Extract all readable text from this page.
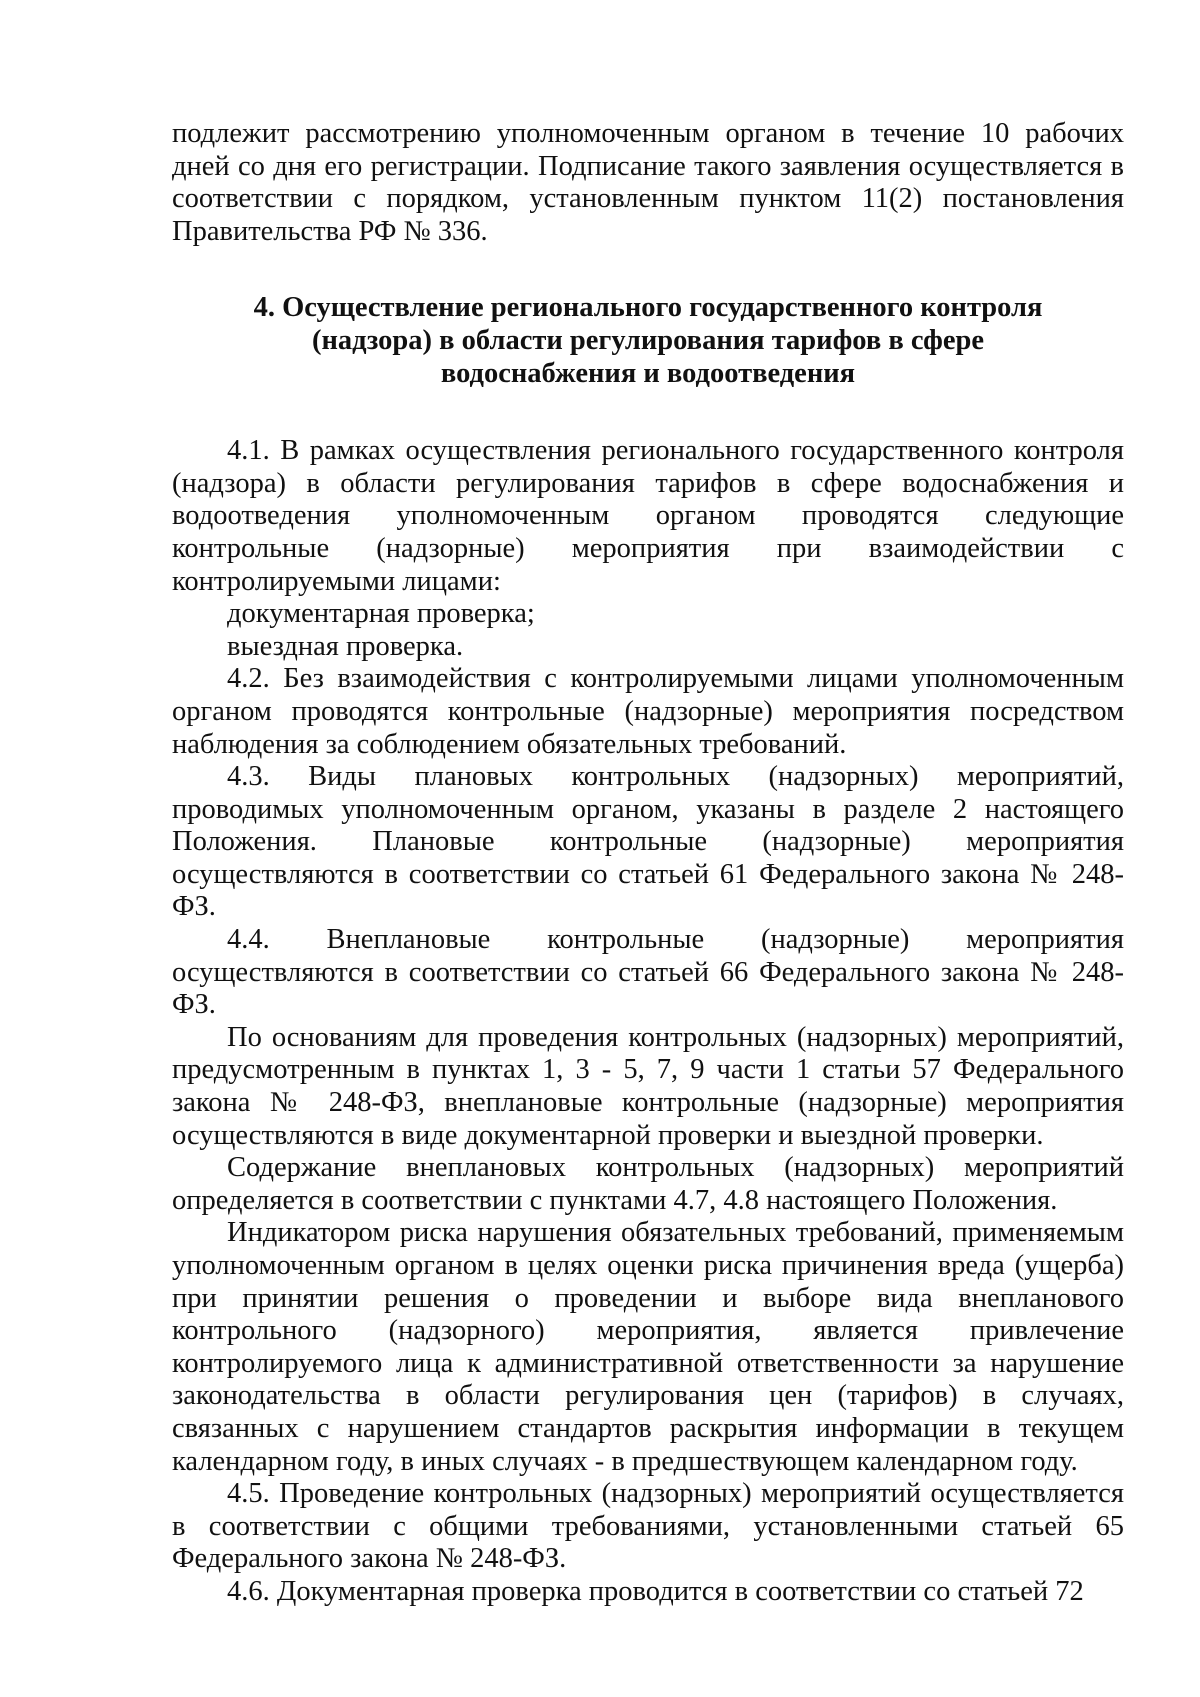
подлежит рассмотрению уполномоченным органом в течение 10 рабочих дней со дня его регистрации. Подписание такого заявления осуществляется в соответствии с порядком, установленным пунктом 11(2) постановления Правительства РФ № 336.

4. Осуществление регионального государственного контроля

(надзора) в области регулирования тарифов в сфере

водоснабжения и водоотведения

4.1. В рамках осуществления регионального государственного контроля (надзора) в области регулирования тарифов в сфере водоснабжения и водоотведения уполномоченным органом проводятся следующие контрольные (надзорные) мероприятия при взаимодействии с контролируемыми лицами:

документарная проверка;

выездная проверка.

4.2. Без взаимодействия с контролируемыми лицами уполномоченным органом проводятся контрольные (надзорные) мероприятия посредством наблюдения за соблюдением обязательных требований.

4.3. Виды плановых контрольных (надзорных) мероприятий, проводимых уполномоченным органом, указаны в разделе 2 настоящего Положения. Плановые контрольные (надзорные) мероприятия осуществляются в соответствии со статьей 61 Федерального закона № 248-ФЗ.

4.4. Внеплановые контрольные (надзорные) мероприятия осуществляются в соответствии со статьей 66 Федерального закона № 248-ФЗ.

По основаниям для проведения контрольных (надзорных) мероприятий, предусмотренным в пунктах 1, 3 - 5, 7, 9 части 1 статьи 57 Федерального закона № 248-ФЗ, внеплановые контрольные (надзорные) мероприятия осуществляются в виде документарной проверки и выездной проверки.

Содержание внеплановых контрольных (надзорных) мероприятий определяется в соответствии с пунктами 4.7, 4.8 настоящего Положения.

Индикатором риска нарушения обязательных требований, применяемым уполномоченным органом в целях оценки риска причинения вреда (ущерба) при принятии решения о проведении и выборе вида внепланового контрольного (надзорного) мероприятия, является привлечение контролируемого лица к административной ответственности за нарушение законодательства в области регулирования цен (тарифов) в случаях, связанных с нарушением стандартов раскрытия информации в текущем календарном году, в иных случаях - в предшествующем календарном году.

4.5. Проведение контрольных (надзорных) мероприятий осуществляется в соответствии с общими требованиями, установленными статьей 65 Федерального закона № 248-ФЗ.

4.6. Документарная проверка проводится в соответствии со статьей 72
